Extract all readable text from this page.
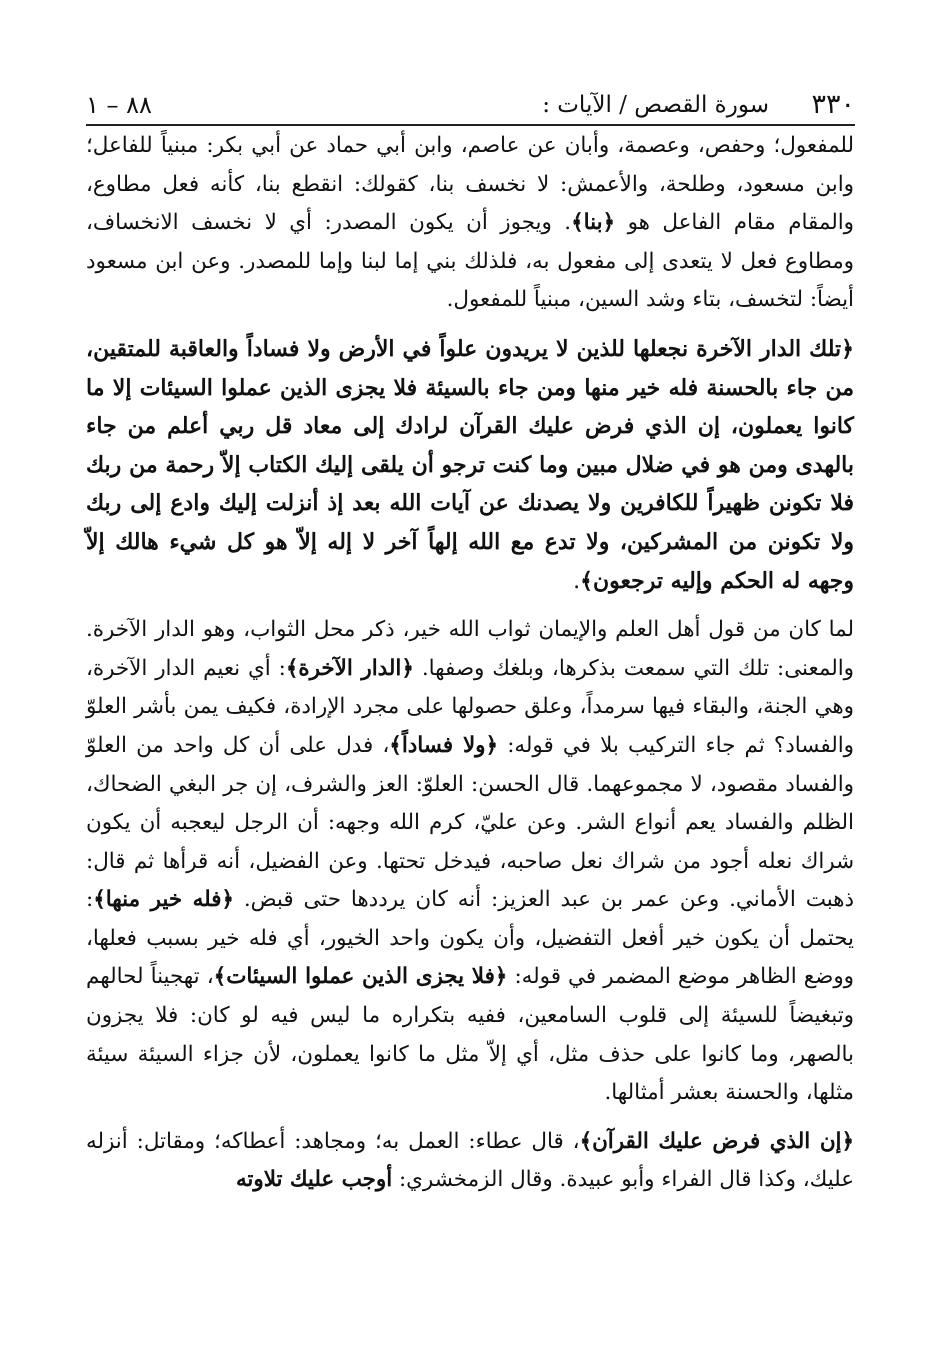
٣٣٠
سورة القصص / الآيات :
٨٨ – ١

للمفعول؛ وحفص، وعصمة، وأبان عن عاصم، وابن أبي حماد عن أبي بكر: مبنياً للفاعل؛ وابن مسعود، وطلحة، والأعمش: لا نخسف بنا، كقولك: انقطع بنا، كأنه فعل مطاوع، والمقام مقام الفاعل هو ﴿بنا﴾. ويجوز أن يكون المصدر: أي لا نخسف الانخساف، ومطاوع فعل لا يتعدى إلى مفعول به، فلذلك بني إما لبنا وإما للمصدر. وعن ابن مسعود أيضاً: لتخسف، بتاء وشد السين، مبنياً للمفعول.

﴿تلك الدار الآخرة نجعلها للذين لا يريدون علواً في الأرض ولا فساداً والعاقبة للمتقين، من جاء بالحسنة فله خير منها ومن جاء بالسيئة فلا يجزى الذين عملوا السيئات إلا ما كانوا يعملون، إن الذي فرض عليك القرآن لرادك إلى معاد قل ربي أعلم من جاء بالهدى ومن هو في ضلال مبين وما كنت ترجو أن يلقى إليك الكتاب إلاّ رحمة من ربك فلا تكونن ظهيراً للكافرين ولا يصدنك عن آيات الله بعد إذ أنزلت إليك وادع إلى ربك ولا تكونن من المشركين، ولا تدع مع الله إلهاً آخر لا إله إلاّ هو كل شيء هالك إلاّ وجهه له الحكم وإليه ترجعون﴾.

لما كان من قول أهل العلم والإيمان ثواب الله خير، ذكر محل الثواب، وهو الدار الآخرة. والمعنى: تلك التي سمعت بذكرها، وبلغك وصفها. ﴿الدار الآخرة﴾: أي نعيم الدار الآخرة، وهي الجنة، والبقاء فيها سرمداً، وعلق حصولها على مجرد الإرادة، فكيف يمن بأشر العلوّ والفساد؟ ثم جاء التركيب بلا في قوله: ﴿ولا فساداً﴾، فدل على أن كل واحد من العلوّ والفساد مقصود، لا مجموعهما. قال الحسن: العلوّ: العز والشرف، إن جر البغي الضحاك، الظلم والفساد يعم أنواع الشر. وعن عليّ، كرم الله وجهه: أن الرجل ليعجبه أن يكون شراك نعله أجود من شراك نعل صاحبه، فيدخل تحتها. وعن الفضيل، أنه قرأها ثم قال: ذهبت الأماني. وعن عمر بن عبد العزيز: أنه كان يرددها حتى قبض. ﴿فله خير منها﴾: يحتمل أن يكون خير أفعل التفضيل، وأن يكون واحد الخيور، أي فله خير بسبب فعلها، ووضع الظاهر موضع المضمر في قوله: ﴿فلا يجزى الذين عملوا السيئات﴾، تهجيناً لحالهم وتبغيضاً للسيئة إلى قلوب السامعين، ففيه بتكراره ما ليس فيه لو كان: فلا يجزون بالصهر، وما كانوا على حذف مثل، أي إلاّ مثل ما كانوا يعملون، لأن جزاء السيئة سيئة مثلها، والحسنة بعشر أمثالها.

﴿إن الذي فرض عليك القرآن﴾، قال عطاء: العمل به؛ ومجاهد: أعطاكه؛ ومقاتل: أنزله عليك، وكذا قال الفراء وأبو عبيدة. وقال الزمخشري: أوجب عليك تلاوته
